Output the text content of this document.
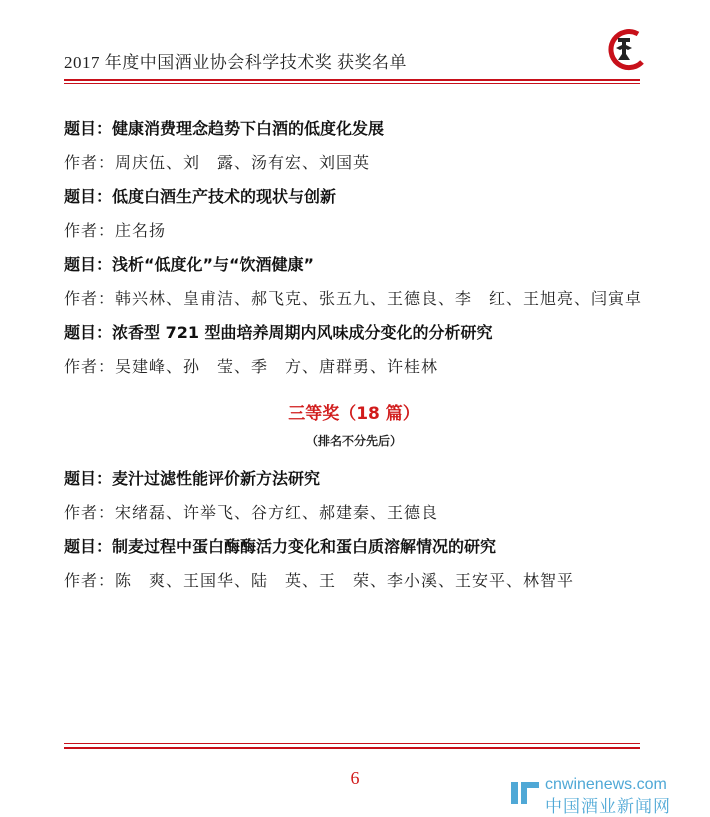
2017 年度中国酒业协会科学技术奖 获奖名单
题目：健康消费理念趋势下白酒的低度化发展
作者：周庆伍、刘　露、汤有宏、刘国英
题目：低度白酒生产技术的现状与创新
作者：庄名扬
题目：浅析“低度化”与“饮酒健康”
作者：韩兴林、皇甫洁、郝飞克、张五九、王德良、李　红、王旭亮、闫寅卓
题目：浓香型 721 型曲培养周期内风味成分变化的分析研究
作者：吴建峰、孙　莹、季　方、唐群勇、许桂林
三等奖（18 篇）
（排名不分先后）
题目：麦汁过滤性能评价新方法研究
作者：宋绪磊、许举飞、谷方红、郝建秦、王德良
题目：制麦过程中蛋白酶酶活力变化和蛋白质溶解情况的研究
作者：陈　爽、王国华、陆　英、王　荣、李小溪、王安平、林智平
6	cnwinenews.com
中国酒业新闻网
